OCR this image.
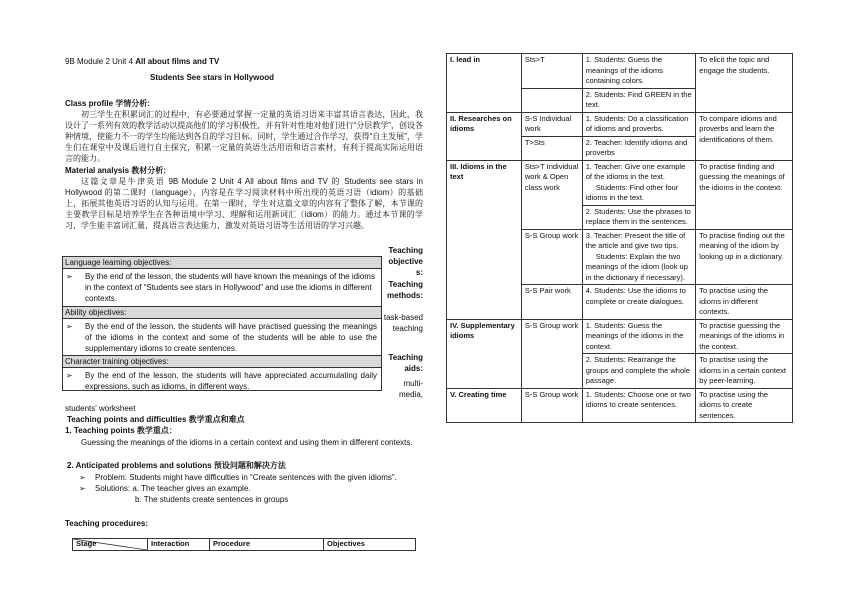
9B Module 2 Unit 4 All about films and TV
Students See stars in Hollywood
Class profile 学情分析:
初三学生在积累词汇的过程中，有必要通过掌握一定量的英语习语来丰富其语言表达，因此，我设计了一系列有效的教学活动以提高他们的学习积极性，并有针对性地对他们进行“分层教学”，创设各种情境，使能力不一的学生均能达到各自的学习目标。同时，学生通过合作学习，获得“自主发展”，学生们在课堂中及课后进行自主探究，积累一定量的英语生活用语和语言素材，有利于提高实际运用语言的能力。
Material analysis 教材分析:
这篇文章是牛津英语 9B Module 2 Unit 4 All about films and TV 的 Students see stars in Hollywood 的第二课时（language），内容是在学习阅读材料中所出现的英语习语（idiom）的基础上，拓展其他英语习语的认知与运用。在第一课时，学生对这篇文章的内容有了整体了解，本节课的主要教学目标是培养学生在各种语境中学习、理解和运用新词汇（idiom）的能力。通过本节课的学习，学生能丰富词汇量，提高语言表达能力，激发对英语习语等生活用语的学习兴趣。
Teaching objectives:
Teaching methods:
task-based teaching
Teaching aids:
multi-media,
Language learning objectives:
➢ By the end of the lesson, the students will have known the meanings of the idioms in the context of “Students see stars in Hollywood” and use the idioms in different contexts.
Ability objectives:
➢ By the end of the lesson, the students will have practised guessing the meanings of the idioms in the context and some of the students will be able to use the supplementary idioms to create sentences.
Character training objectives:
➢ By the end of the lesson, the students will have appreciated accumulating daily expressions, such as idioms, in different ways.
students' worksheet
Teaching points and difficulties 教学重点和难点
1. Teaching points 教学重点：
Guessing the meanings of the idioms in a certain context and using them in different contexts.
2. Anticipated problems and solutions 预设问题和解决方法
➢ Problem: Students might have difficulties in “Create sentences with the given idioms”.
➢ Solutions: a. The teacher gives an example.
b. The students create sentences in groups
Teaching procedures:
Stage	Interaction	Procedure	Objectives
I. lead in	Sts>T	1. Students: Guess the meanings of the idioms containing colors.	To elicit the topic and engage the students.
		2. Students: Find GREEN in the text.	
II. Researches on idioms	S-S Individual work	1. Students: Do a classification of idioms and proverbs.	To compare idioms and proverbs and learn the identifications of them.
	T>Sts	2. Teacher: Identify idioms and proverbs	
III. Idioms in the text	Sts>T Individual work & Open class work	1. Teacher: Give one example of the idioms in the text.
Students: Find other four idioms in the text.	To practise finding and guessing the meanings of the idioms in the context.
		2. Students: Use the phrases to replace them in the sentences.	
	S-S Group work	3. Teacher: Present the title of the article and give two tips.
Students: Explain the two meanings of the idiom (look up in the dictionary if necessary).	To practise finding out the meaning of the idiom by looking up in a dictionary.
	S-S Pair work	4. Students: Use the idioms to complete or create dialogues.	To practise using the idioms in different contexts.
IV. Supplementary idioms	S-S Group work	1. Students: Guess the meanings of the idioms in the context.	To practise guessing the meanings of the idioms in the context.
		2. Students: Rearrange the groups and complete the whole passage.	To practise using the idioms in a certain context by peer-learning.
V. Creating time	S-S Group work	1. Students: Choose one or two idioms to create sentences.	To practise using the idioms to create sentences.
